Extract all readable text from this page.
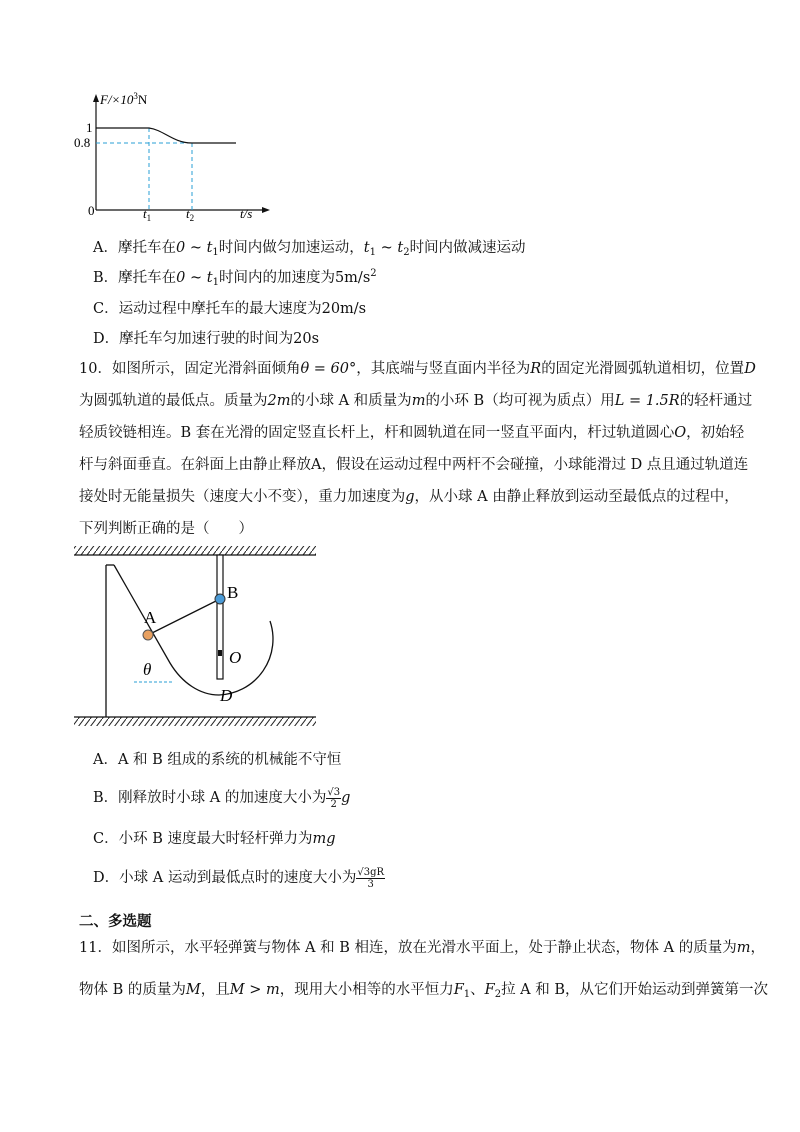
$F/\times 10^3N$
1
0.8
0	$t_1$	$t_2$	t/s
A．摩托车在0 ~ $t_1$时间内做匀加速运动，$t_1$ ~ $t_2$时间内做减速运动
B．摩托车在0 ~ $t_1$时间内的加速度为$5m/s^2$
C．运动过程中摩托车的最大速度为20m/s
D．摩托车匀加速行驶的时间为20s
10．如图所示，固定光滑斜面倾角θ = 60°，其底端与竖直面内半径为R的固定光滑圆弧轨道相切，位置D
为圆弧轨道的最低点。质量为2m的小球 A 和质量为m的小环 B（均可视为质点）用L = 1.5R的轻杆通过
轻质铰链相连。B 套在光滑的固定竖直长杆上，杆和圆轨道在同一竖直平面内，杆过轨道圆心O，初始轻
杆与斜面垂直。在斜面上由静止释放A，假设在运动过程中两杆不会碰撞，小球能滑过 D 点且通过轨道连
接处时无能量损失（速度大小不变），重力加速度为g，从小球 A 由静止释放到运动至最低点的过程中，
下列判断正确的是（　　）
A
B
O
D
θ
A．A 和 B 组成的系统的机械能不守恒
B．刚释放时小球 A 的加速度大小为 $\frac{√3}{2}$ g
C．小环 B 速度最大时轻杆弹力为mg
D．小球 A 运动到最低点时的速度大小为 $\frac{√3gR}{3}$
二、多选题
11．如图所示，水平轻弹簧与物体 A 和 B 相连，放在光滑水平面上，处于静止状态，物体 A 的质量为m，
物体 B 的质量为M，且M > m，现用大小相等的水平恒力$F_1$、$F_2$拉 A 和 B，从它们开始运动到弹簧第一次
